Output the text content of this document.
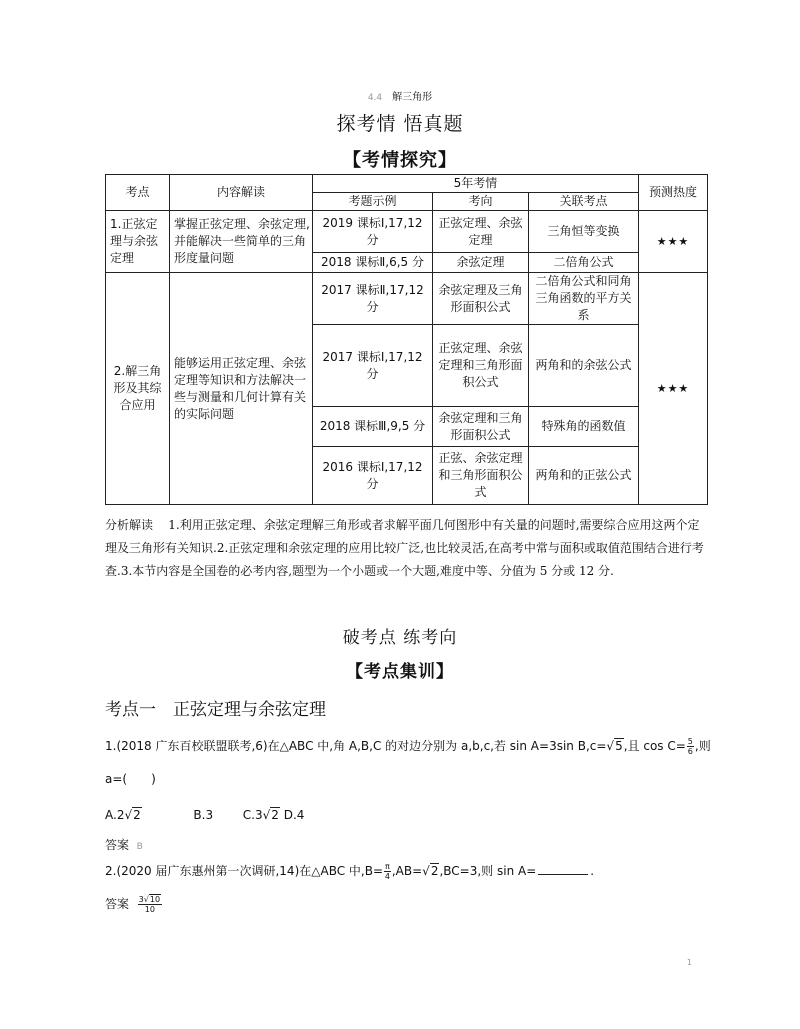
4.4 解三角形
探考情 悟真题
【考情探究】
考点	内容解读	5年考情			预测热度
		考题示例	考向	关联考点	
1.正弦定理与余弦定理	掌握正弦定理、余弦定理,并能解决一些简单的三角形度量问题	2019 课标Ⅰ,17,12 分	正弦定理、余弦定理	三角恒等变换	★★★
		2018 课标Ⅱ,6,5 分	余弦定理	二倍角公式	
2.解三角形及其综合应用	能够运用正弦定理、余弦定理等知识和方法解决一些与测量和几何计算有关的实际问题	2017 课标Ⅱ,17,12 分	余弦定理及三角形面积公式	二倍角公式和同角三角函数的平方关系	★★★
		2017 课标Ⅰ,17,12 分	正弦定理、余弦定理和三角形面积公式	两角和的余弦公式	
		2018 课标Ⅲ,9,5 分	余弦定理和三角形面积公式	特殊角的函数值	
		2016 课标Ⅰ,17,12 分	正弦、余弦定理和三角形面积公式	两角和的正弦公式	
分析解读 1.利用正弦定理、余弦定理解三角形或者求解平面几何图形中有关量的问题时,需要综合应用这两个定理及三角形有关知识.2.正弦定理和余弦定理的应用比较广泛,也比较灵活,在高考中常与面积或取值范围结合进行考查.3.本节内容是全国卷的必考内容,题型为一个小题或一个大题,难度中等、分值为 5 分或 12 分.
破考点 练考向
【考点集训】
考点一　正弦定理与余弦定理
1.(2018 广东百校联盟联考,6)在△ABC 中,角 A,B,C 的对边分别为 a,b,c,若 sin A=3sin B,c=√5,且 $\cos C= \frac{5}{6}$ ,则
a=(　　)
A.2√2	B.3 C.3√2 D.4
答案 B
2.(2020 届广东惠州第一次调研,14)在△ABC 中$,B= \frac{\pi}{4} ,AB=√2,BC=3$,则 sin A=	.
答案 $\frac{3√10}{10}$
1
